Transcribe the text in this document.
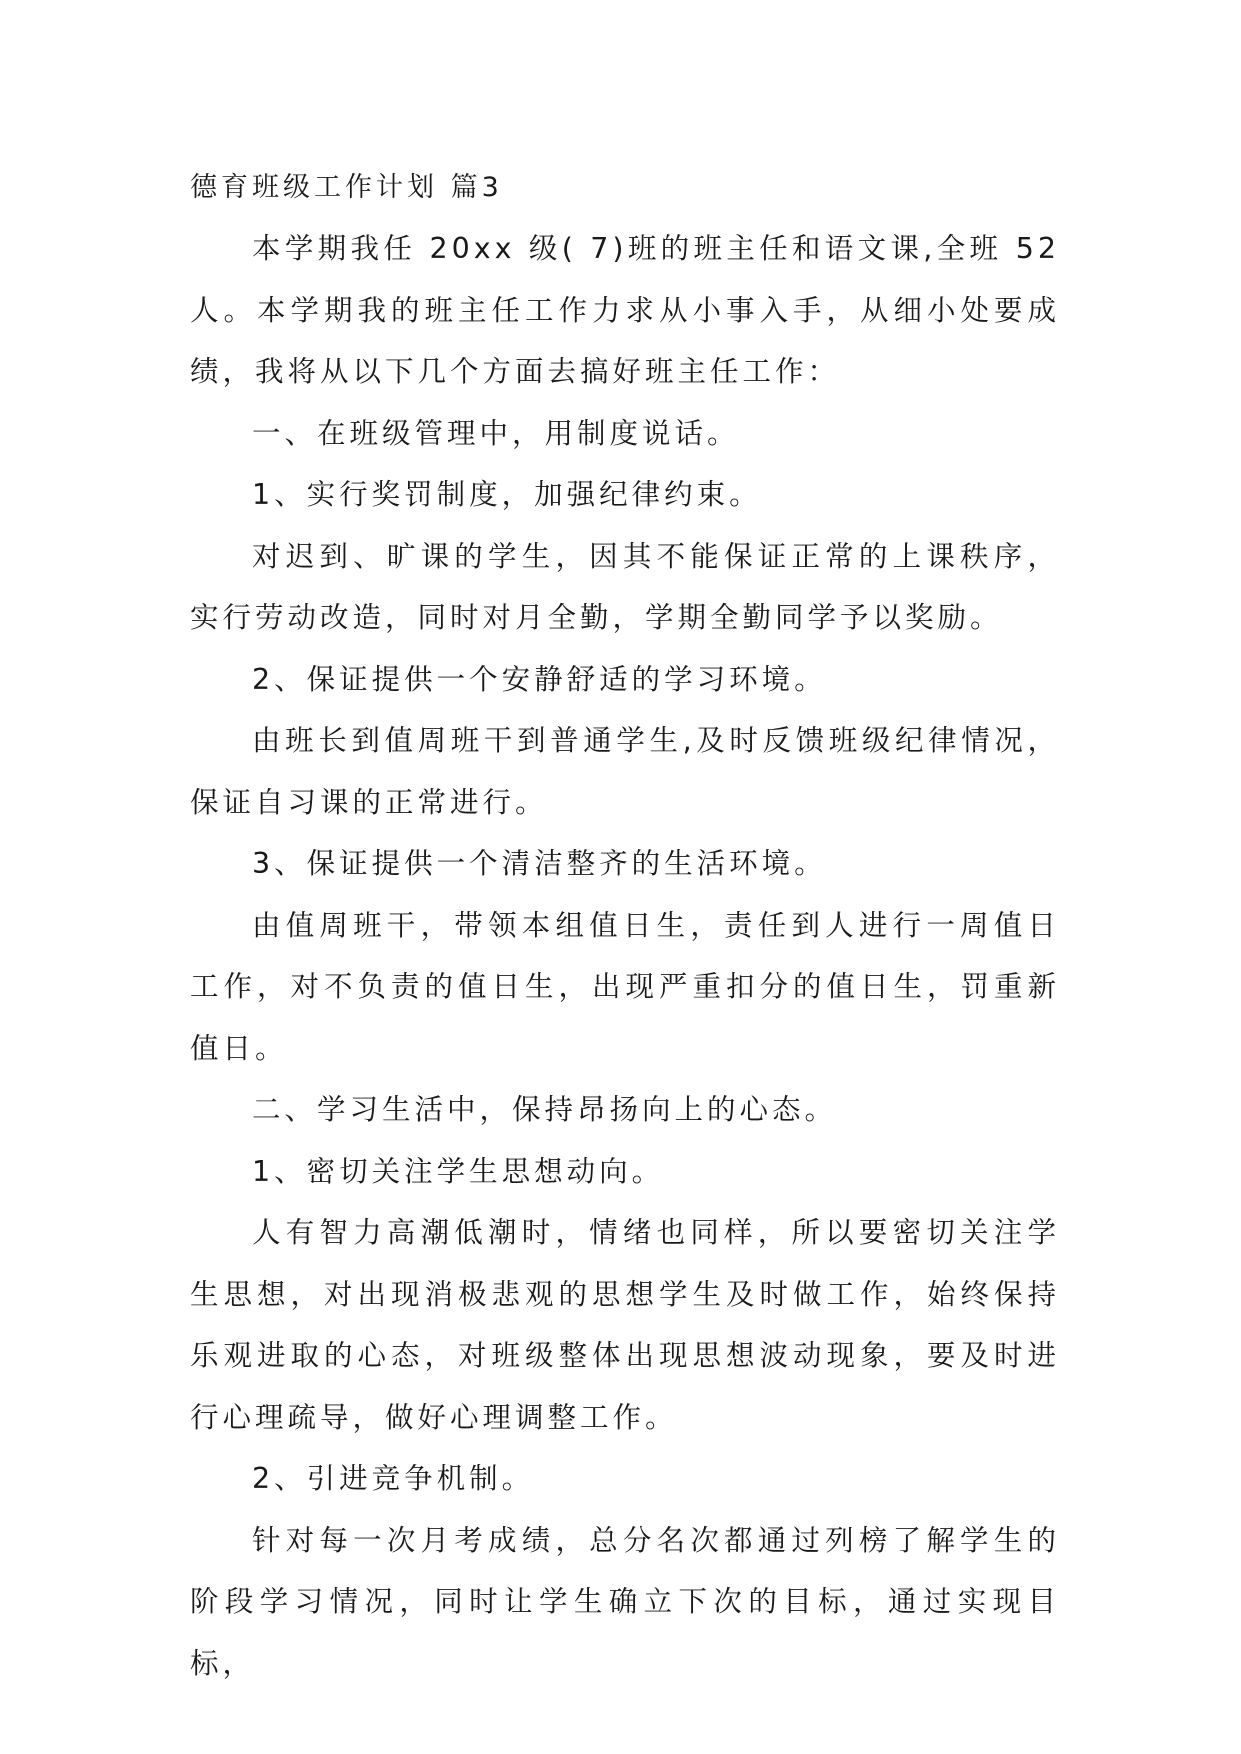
德育班级工作计划 篇3

本学期我任 20xx 级( 7)班的班主任和语文课,全班 52人。本学期我的班主任工作力求从小事入手，从细小处要成绩，我将从以下几个方面去搞好班主任工作：

一、在班级管理中，用制度说话。

1、实行奖罚制度，加强纪律约束。

对迟到、旷课的学生，因其不能保证正常的上课秩序，实行劳动改造，同时对月全勤，学期全勤同学予以奖励。

2、保证提供一个安静舒适的学习环境。

由班长到值周班干到普通学生,及时反馈班级纪律情况，保证自习课的正常进行。

3、保证提供一个清洁整齐的生活环境。

由值周班干，带领本组值日生，责任到人进行一周值日工作，对不负责的值日生，出现严重扣分的值日生，罚重新值日。

二、学习生活中，保持昂扬向上的心态。

1、密切关注学生思想动向。

人有智力高潮低潮时，情绪也同样，所以要密切关注学生思想，对出现消极悲观的思想学生及时做工作，始终保持乐观进取的心态，对班级整体出现思想波动现象，要及时进行心理疏导，做好心理调整工作。

2、引进竞争机制。

针对每一次月考成绩，总分名次都通过列榜了解学生的阶段学习情况，同时让学生确立下次的目标，通过实现目标，
